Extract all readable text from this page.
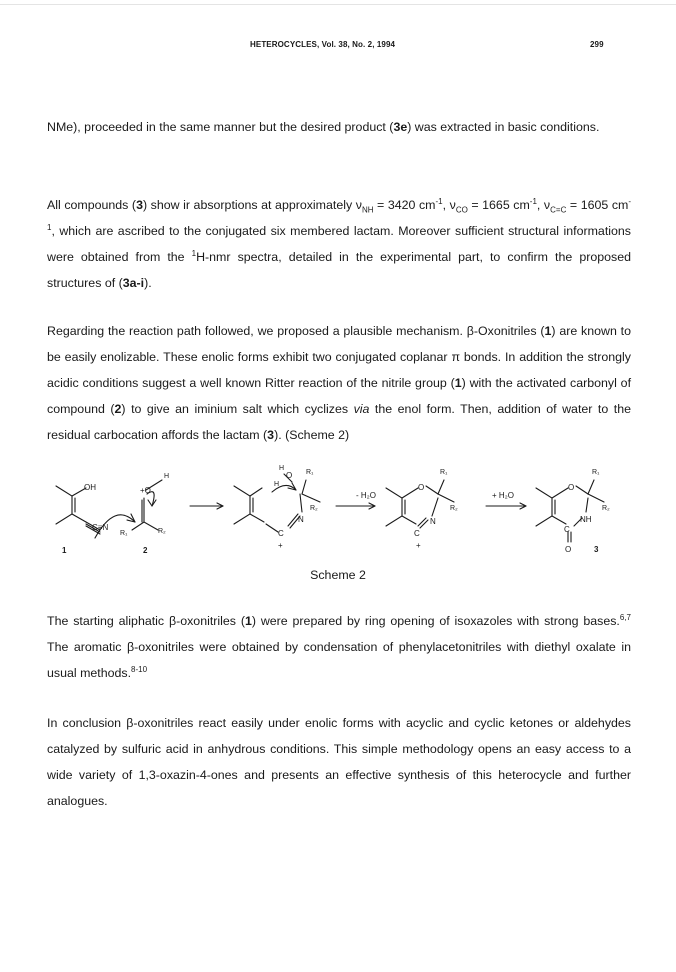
HETEROCYCLES, Vol. 38, No. 2, 1994	299

NMe), proceeded in the same manner but the desired product (3e) was extracted in basic conditions.

All compounds (3) show ir absorptions at approximately $\nu_{NH} = 3420$ $cm^{-1}$, $\nu_{CO} = 1665$ $cm^{-1}$, $\nu_{C=C} = 1605$ $cm^{-1}$, which are ascribed to the conjugated six membered lactam. Moreover sufficient structural informations were obtained from the $^1$H-nmr spectra, detailed in the experimental part, to confirm the proposed structures of (3a-i).

Regarding the reaction path followed, we proposed a plausible mechanism. β-Oxonitriles (1) are known to be easily enolizable. These enolic forms exhibit two conjugated coplanar π bonds. In addition the strongly acidic conditions suggest a well known Ritter reaction of the nitrile group (1) with the activated carbonyl of compound (2) to give an iminium salt which cyclizes via the enol form. Then, addition of water to the residual carbocation affords the lactam (3). (Scheme 2)

OH
C≡N
1
H
+O
R₁	R₂
2
H
H
O R₁
R₂
N
C
+
- H₂O
O
R₁
R₂
N
C
+
+ H₂O
O
R₁
R₂
NH
C
O	3
Scheme 2

The starting aliphatic β-oxonitriles (1) were prepared by ring opening of isoxazoles with strong bases.$^{6,7}$ The aromatic β-oxonitriles were obtained by condensation of phenylacetonitriles with diethyl oxalate in usual methods.$^{8-10}$

In conclusion β-oxonitriles react easily under enolic forms with acyclic and cyclic ketones or aldehydes catalyzed by sulfuric acid in anhydrous conditions. This simple methodology opens an easy access to a wide variety of 1,3-oxazin-4-ones and presents an effective synthesis of this heterocycle and further analogues.
